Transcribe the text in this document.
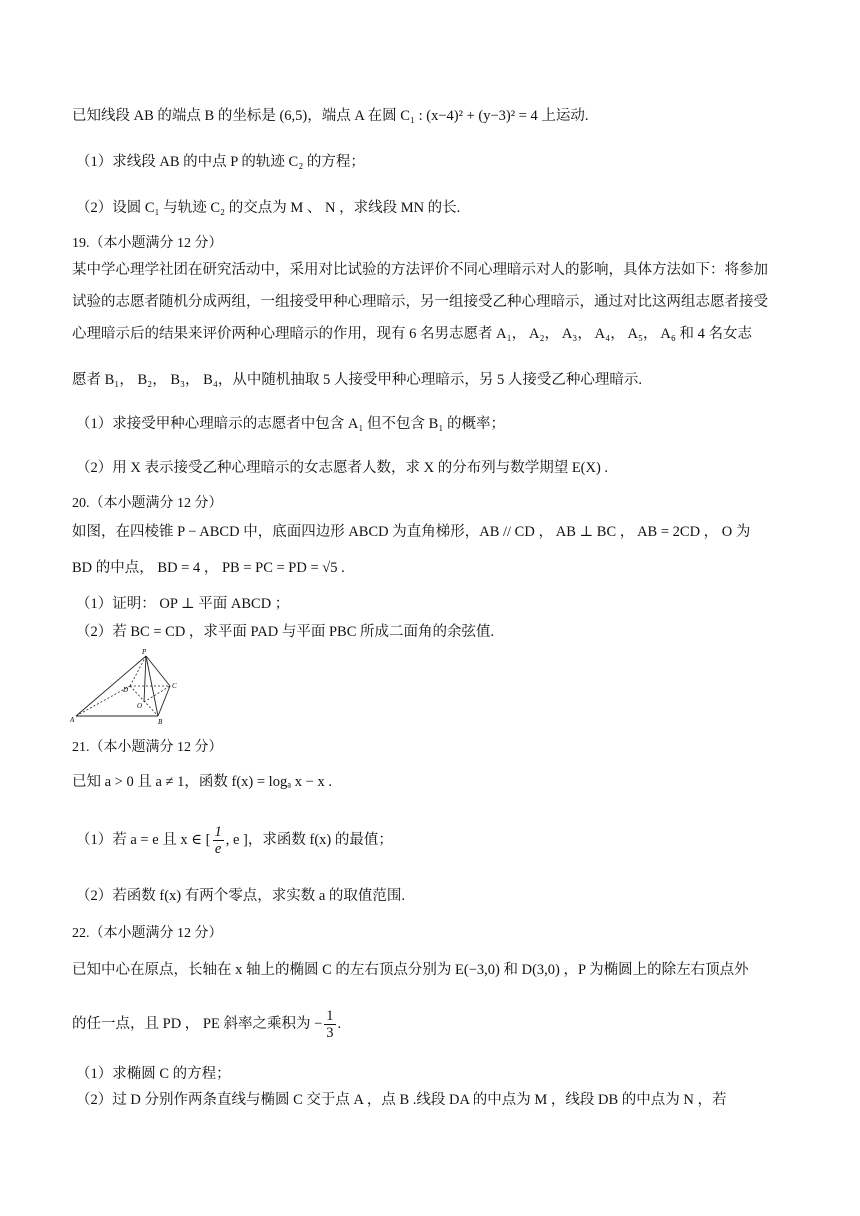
已知线段 AB 的端点 B 的坐标是 (6,5)，端点 A 在圆 C₁ : (x−4)² + (y−3)² = 4 上运动.
（1）求线段 AB 的中点 P 的轨迹 C₂ 的方程；
（2）设圆 C₁ 与轨迹 C₂ 的交点为 M 、 N ，求线段 MN 的长.
19.（本小题满分 12 分）
某中学心理学社团在研究活动中，采用对比试验的方法评价不同心理暗示对人的影响，具体方法如下：将参加
试验的志愿者随机分成两组，一组接受甲种心理暗示，另一组接受乙种心理暗示，通过对比这两组志愿者接受
心理暗示后的结果来评价两种心理暗示的作用，现有 6 名男志愿者 A₁， A₂， A₃， A₄， A₅， A₆ 和 4 名女志
愿者 B₁， B₂， B₃， B₄，从中随机抽取 5 人接受甲种心理暗示，另 5 人接受乙种心理暗示.
（1）求接受甲种心理暗示的志愿者中包含 A₁ 但不包含 B₁ 的概率；
（2）用 X 表示接受乙种心理暗示的女志愿者人数，求 X 的分布列与数学期望 E(X) .
20.（本小题满分 12 分）
如图，在四棱锥 P − ABCD 中，底面四边形 ABCD 为直角梯形，AB // CD ， AB ⊥ BC ， AB = 2CD ， O 为
BD 的中点， BD = 4 ， PB = PC = PD = √5 .
（1）证明： OP ⊥ 平面 ABCD ；
（2）若 BC = CD ，求平面 PAD 与平面 PBC 所成二面角的余弦值.
P
A	B
C
D
O
21.（本小题满分 12 分）
已知 a > 0 且 a ≠ 1，函数 f(x) = logₐ x − x .
（1）若 a = e 且 x ∈ [ $\frac{1}{e}$ , e ]，求函数 f(x) 的最值；
（2）若函数 f(x) 有两个零点，求实数 a 的取值范围.
22.（本小题满分 12 分）
已知中心在原点，长轴在 x 轴上的椭圆 C 的左右顶点分别为 E(−3,0) 和 D(3,0) ，P 为椭圆上的除左右顶点外
的任一点，且 PD ， PE 斜率之乘积为 − $\frac{1}{3}$ .
（1）求椭圆 C 的方程；
（2）过 D 分别作两条直线与椭圆 C 交于点 A ，点 B .线段 DA 的中点为 M ，线段 DB 的中点为 N ，若
